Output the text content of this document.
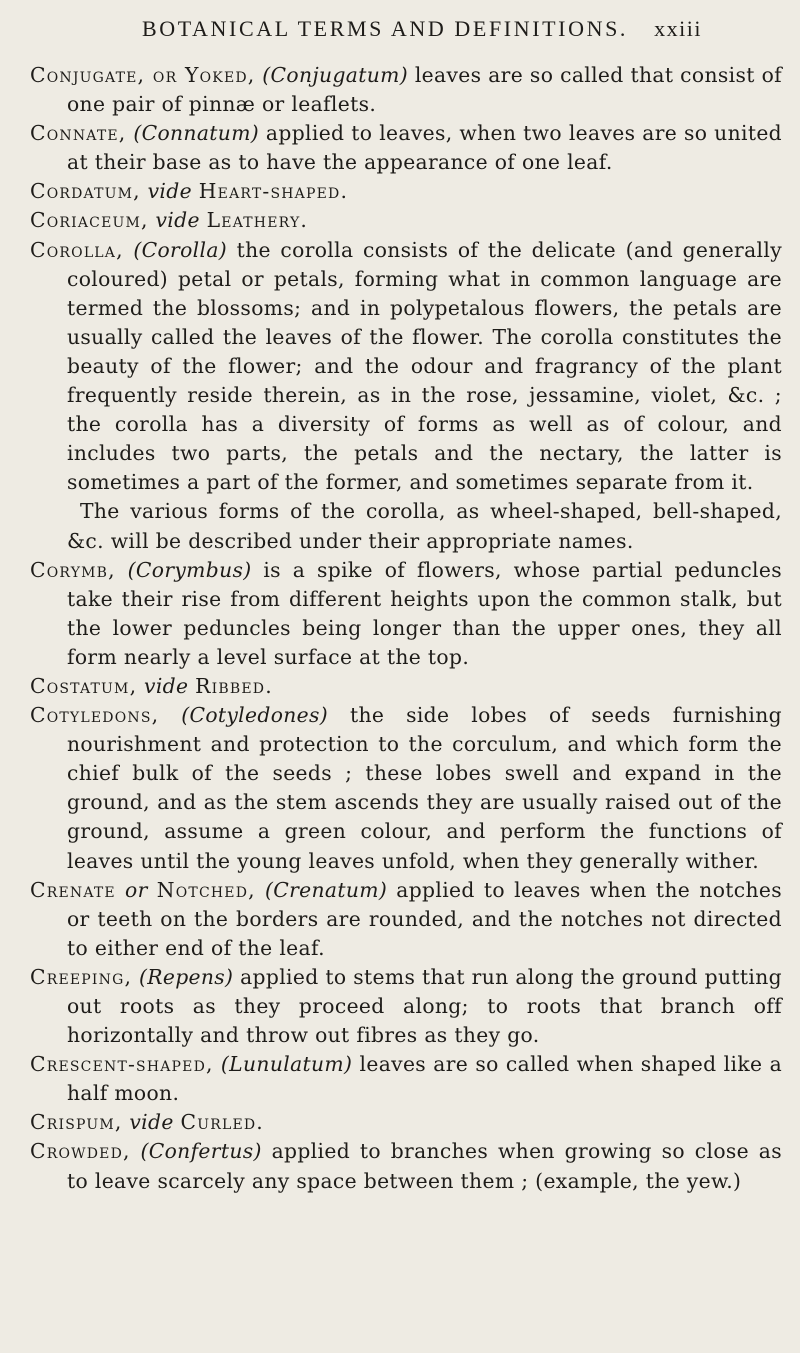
BOTANICAL TERMS AND DEFINITIONS. xxiii

Conjugate, or Yoked, (Conjugatum) leaves are so called that consist of one pair of pinnæ or leaflets.

Connate, (Connatum) applied to leaves, when two leaves are so united at their base as to have the appearance of one leaf.

Cordatum, vide Heart-shaped.

Coriaceum, vide Leathery.

Corolla, (Corolla) the corolla consists of the delicate (and generally coloured) petal or petals, forming what in common language are termed the blossoms; and in polypetalous flowers, the petals are usually called the leaves of the flower. The corolla constitutes the beauty of the flower; and the odour and fragrancy of the plant frequently reside therein, as in the rose, jessamine, violet, &c. ; the corolla has a diversity of forms as well as of colour, and includes two parts, the petals and the nectary, the latter is sometimes a part of the former, and sometimes separate from it.
The various forms of the corolla, as wheel-shaped, bell-shaped, &c. will be described under their appropriate names.

Corymb, (Corymbus) is a spike of flowers, whose partial peduncles take their rise from different heights upon the common stalk, but the lower peduncles being longer than the upper ones, they all form nearly a level surface at the top.

Costatum, vide Ribbed.

Cotyledons, (Cotyledones) the side lobes of seeds furnishing nourishment and protection to the corculum, and which form the chief bulk of the seeds ; these lobes swell and expand in the ground, and as the stem ascends they are usually raised out of the ground, assume a green colour, and perform the functions of leaves until the young leaves unfold, when they generally wither.

Crenate or Notched, (Crenatum) applied to leaves when the notches or teeth on the borders are rounded, and the notches not directed to either end of the leaf.

Creeping, (Repens) applied to stems that run along the ground putting out roots as they proceed along; to roots that branch off horizontally and throw out fibres as they go.

Crescent-shaped, (Lunulatum) leaves are so called when shaped like a half moon.

Crispum, vide Curled.

Crowded, (Confertus) applied to branches when growing so close as to leave scarcely any space between them ; (example, the yew.)
